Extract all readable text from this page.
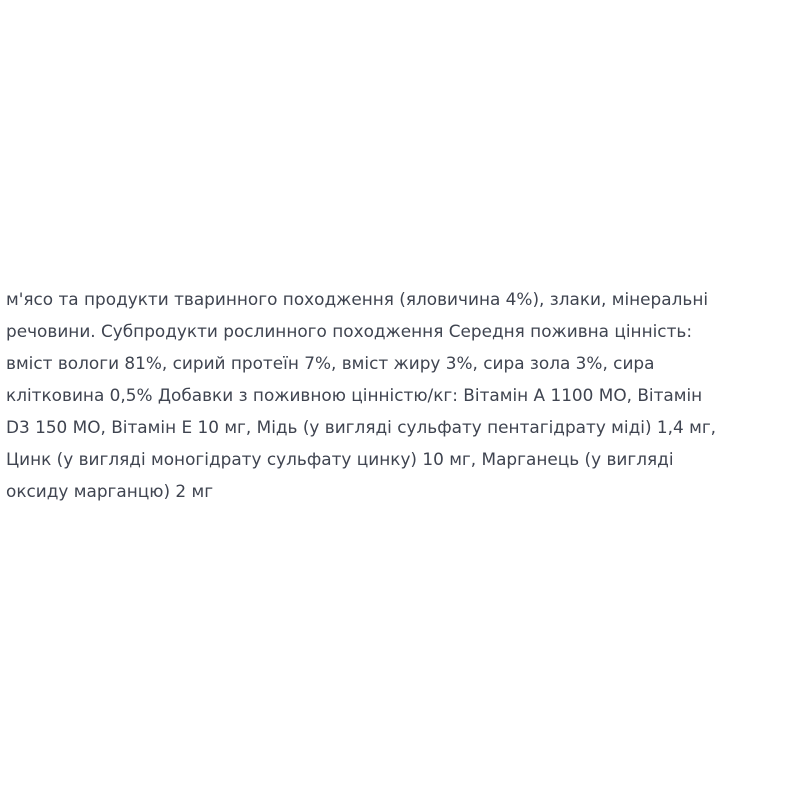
м'ясо та продукти тваринного походження (яловичина 4%), злаки, мінеральні
речовини. Субпродукти рослинного походження Середня поживна цінність:
вміст вологи 81%, сирий протеїн 7%, вміст жиру 3%, сира зола 3%, сира
клітковина 0,5% Добавки з поживною цінністю/кг: Вітамін А 1100 МО, Вітамін
D3 150 МО, Вітамін Е 10 мг, Мідь (у вигляді сульфату пентагідрату міді) 1,4 мг,
Цинк (у вигляді моногідрату сульфату цинку) 10 мг, Марганець (у вигляді
оксиду марганцю) 2 мг
